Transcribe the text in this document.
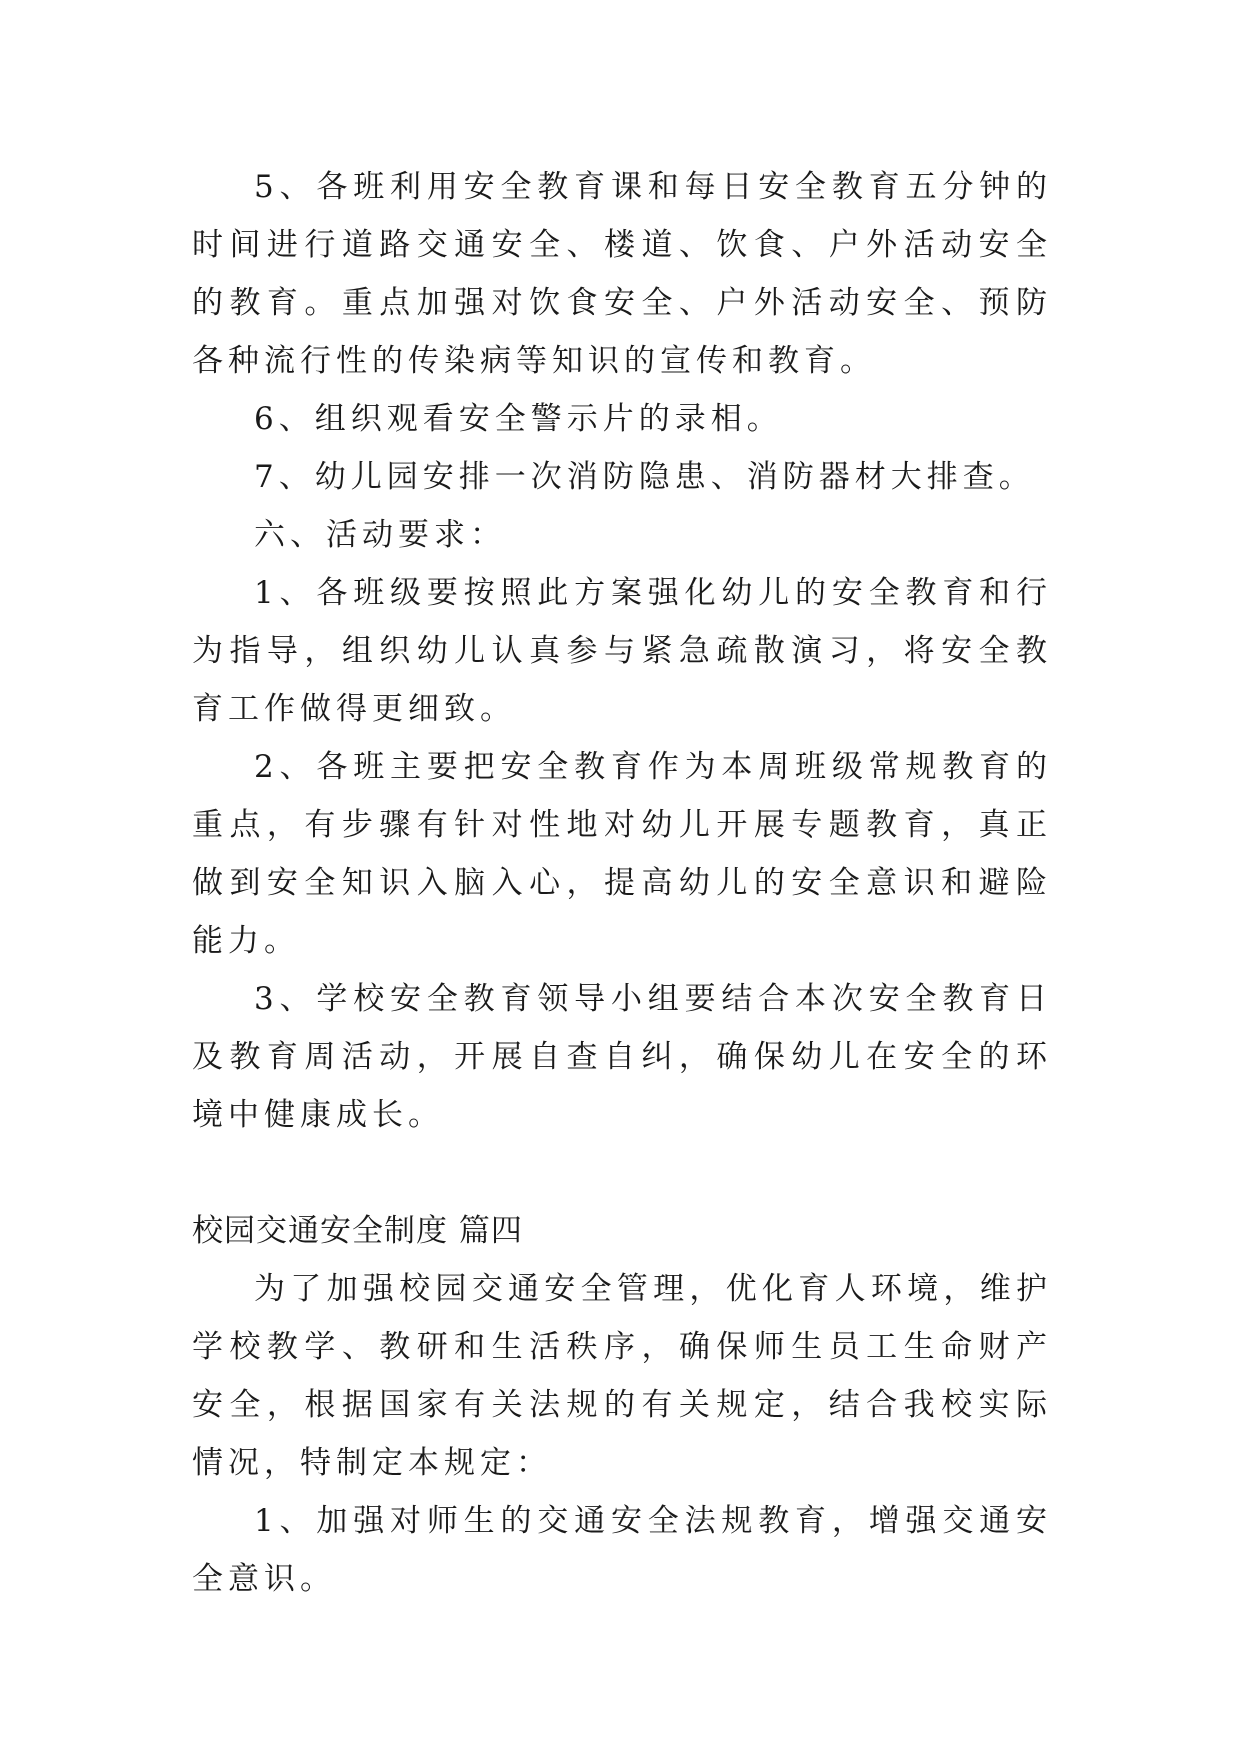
5、各班利用安全教育课和每日安全教育五分钟的时间进行道路交通安全、楼道、饮食、户外活动安全的教育。重点加强对饮食安全、户外活动安全、预防各种流行性的传染病等知识的宣传和教育。

6、组织观看安全警示片的录相。

7、幼儿园安排一次消防隐患、消防器材大排查。

六、活动要求：

1、各班级要按照此方案强化幼儿的安全教育和行为指导，组织幼儿认真参与紧急疏散演习，将安全教育工作做得更细致。

2、各班主要把安全教育作为本周班级常规教育的重点，有步骤有针对性地对幼儿开展专题教育，真正做到安全知识入脑入心，提高幼儿的安全意识和避险能力。

3、学校安全教育领导小组要结合本次安全教育日及教育周活动，开展自查自纠，确保幼儿在安全的环境中健康成长。

校园交通安全制度 篇四

为了加强校园交通安全管理，优化育人环境，维护学校教学、教研和生活秩序，确保师生员工生命财产安全，根据国家有关法规的有关规定，结合我校实际情况，特制定本规定：

1、加强对师生的交通安全法规教育，增强交通安全意识。
